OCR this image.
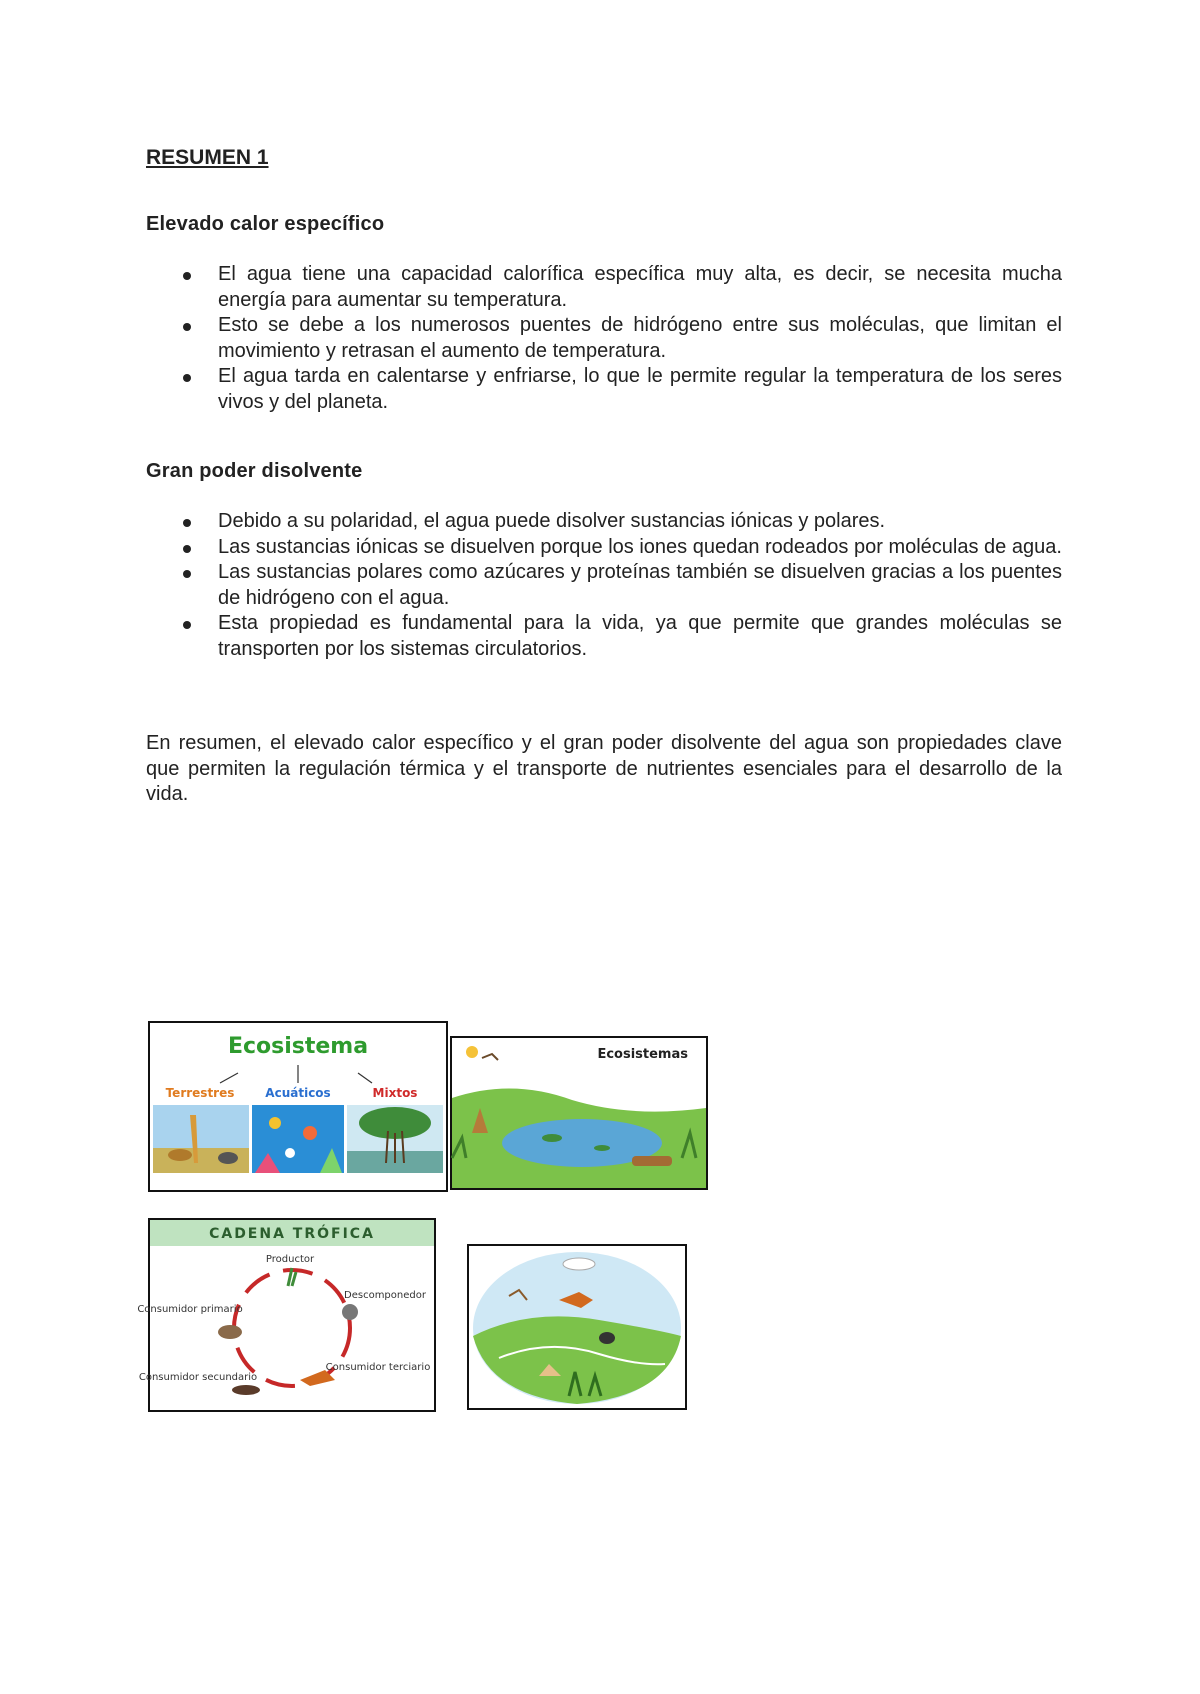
RESUMEN 1
Elevado calor específico
El agua tiene una capacidad calorífica específica muy alta, es decir, se necesita mucha energía para aumentar su temperatura.
Esto se debe a los numerosos puentes de hidrógeno entre sus moléculas, que limitan el movimiento y retrasan el aumento de temperatura.
El agua tarda en calentarse y enfriarse, lo que le permite regular la temperatura de los seres vivos y del planeta.
Gran poder disolvente
Debido a su polaridad, el agua puede disolver sustancias iónicas y polares.
Las sustancias iónicas se disuelven porque los iones quedan rodeados por moléculas de agua.
Las sustancias polares como azúcares y proteínas también se disuelven gracias a los puentes de hidrógeno con el agua.
Esta propiedad es fundamental para la vida, ya que permite que grandes moléculas se transporten por los sistemas circulatorios.

En resumen, el elevado calor específico y el gran poder disolvente del agua son propiedades clave que permiten la regulación térmica y el transporte de nutrientes esenciales para el desarrollo de la vida.

Ecosistema
Terrestres	Acuáticos	Mixtos
Ecosistemas
CADENA TRÓFICA
Productor
Descomponedor
Consumidor primario
Consumidor terciario
Consumidor secundario
